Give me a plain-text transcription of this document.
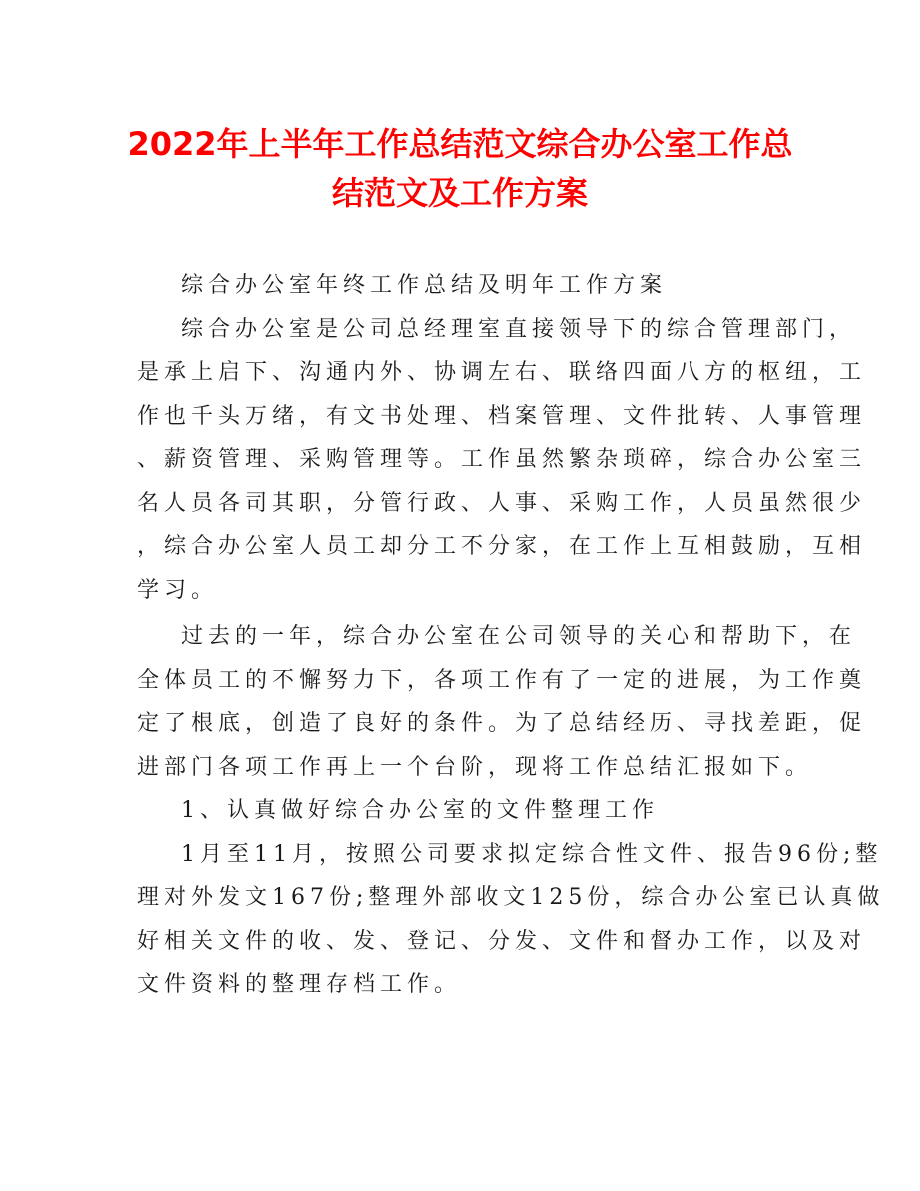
2022年上半年工作总结范文综合办公室工作总
结范文及工作方案
综合办公室年终工作总结及明年工作方案
综合办公室是公司总经理室直接领导下的综合管理部门，
是承上启下、沟通内外、协调左右、联络四面八方的枢纽，工
作也千头万绪，有文书处理、档案管理、文件批转、人事管理
、薪资管理、采购管理等。工作虽然繁杂琐碎，综合办公室三
名人员各司其职，分管行政、人事、采购工作，人员虽然很少
，综合办公室人员工却分工不分家，在工作上互相鼓励，互相
学习。
过去的一年，综合办公室在公司领导的关心和帮助下，在
全体员工的不懈努力下，各项工作有了一定的进展，为工作奠
定了根底，创造了良好的条件。为了总结经历、寻找差距，促
进部门各项工作再上一个台阶，现将工作总结汇报如下。
1、认真做好综合办公室的文件整理工作
1月至11月，按照公司要求拟定综合性文件、报告96份;整
理对外发文167份;整理外部收文125份，综合办公室已认真做
好相关文件的收、发、登记、分发、文件和督办工作，以及对
文件资料的整理存档工作。
